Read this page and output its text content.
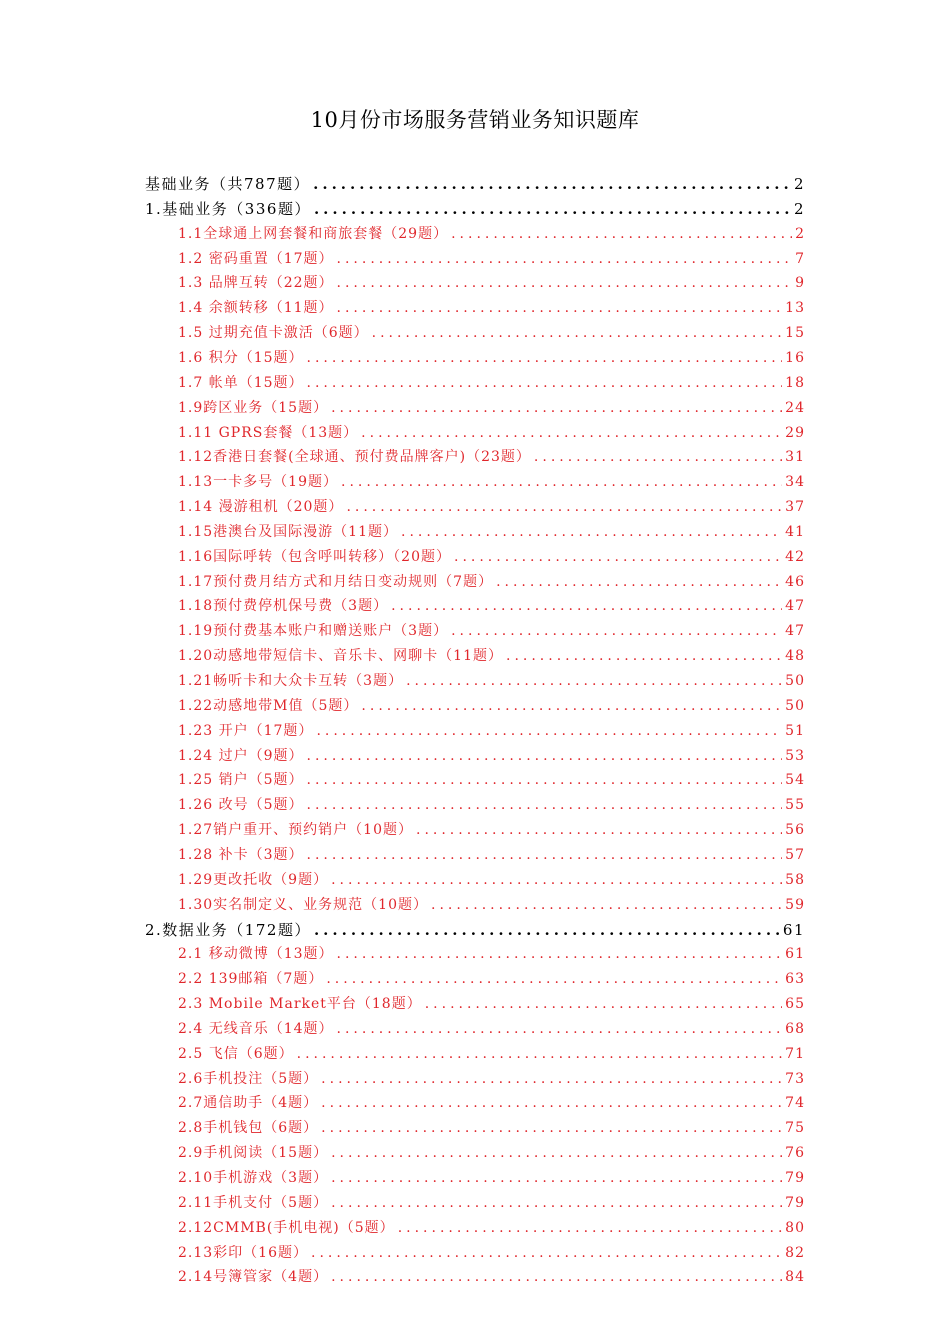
10月份市场服务营销业务知识题库
基础业务（共787题） .....	2
1.基础业务（336题） .....	2
1.1全球通上网套餐和商旅套餐（29题） .....	2
1.2 密码重置（17题） .....	7
1.3 品牌互转（22题） .....	9
1.4 余额转移（11题） .....	13
1.5 过期充值卡激活（6题） .....	15
1.6 积分（15题） .....	16
1.7 帐单（15题） .....	18
1.9跨区业务（15题） .....	24
1.11 GPRS套餐（13题） .....	29
1.12香港日套餐(全球通、预付费品牌客户)（23题） .....	31
1.13一卡多号（19题） .....	34
1.14 漫游租机（20题） .....	37
1.15港澳台及国际漫游（11题） .....	41
1.16国际呼转（包含呼叫转移）（20题） .....	42
1.17预付费月结方式和月结日变动规则（7题） .....	46
1.18预付费停机保号费（3题） .....	47
1.19预付费基本账户和赠送账户（3题） .....	47
1.20动感地带短信卡、音乐卡、网聊卡（11题） .....	48
1.21畅听卡和大众卡互转（3题） .....	50
1.22动感地带M值（5题） .....	50
1.23 开户（17题） .....	51
1.24 过户（9题） .....	53
1.25 销户（5题） .....	54
1.26 改号（5题） .....	55
1.27销户重开、预约销户（10题） .....	56
1.28 补卡（3题） .....	57
1.29更改托收（9题） .....	58
1.30实名制定义、业务规范（10题） .....	59
2.数据业务（172题） .....	61
2.1 移动微博（13题） .....	61
2.2 139邮箱（7题） .....	63
2.3 Mobile Market平台（18题） .....	65
2.4 无线音乐（14题） .....	68
2.5 飞信（6题） .....	71
2.6手机投注（5题） .....	73
2.7通信助手（4题） .....	74
2.8手机钱包（6题） .....	75
2.9手机阅读（15题） .....	76
2.10手机游戏（3题） .....	79
2.11手机支付（5题） .....	79
2.12CMMB(手机电视)（5题） .....	80
2.13彩印（16题） .....	82
2.14号簿管家（4题） .....	84
